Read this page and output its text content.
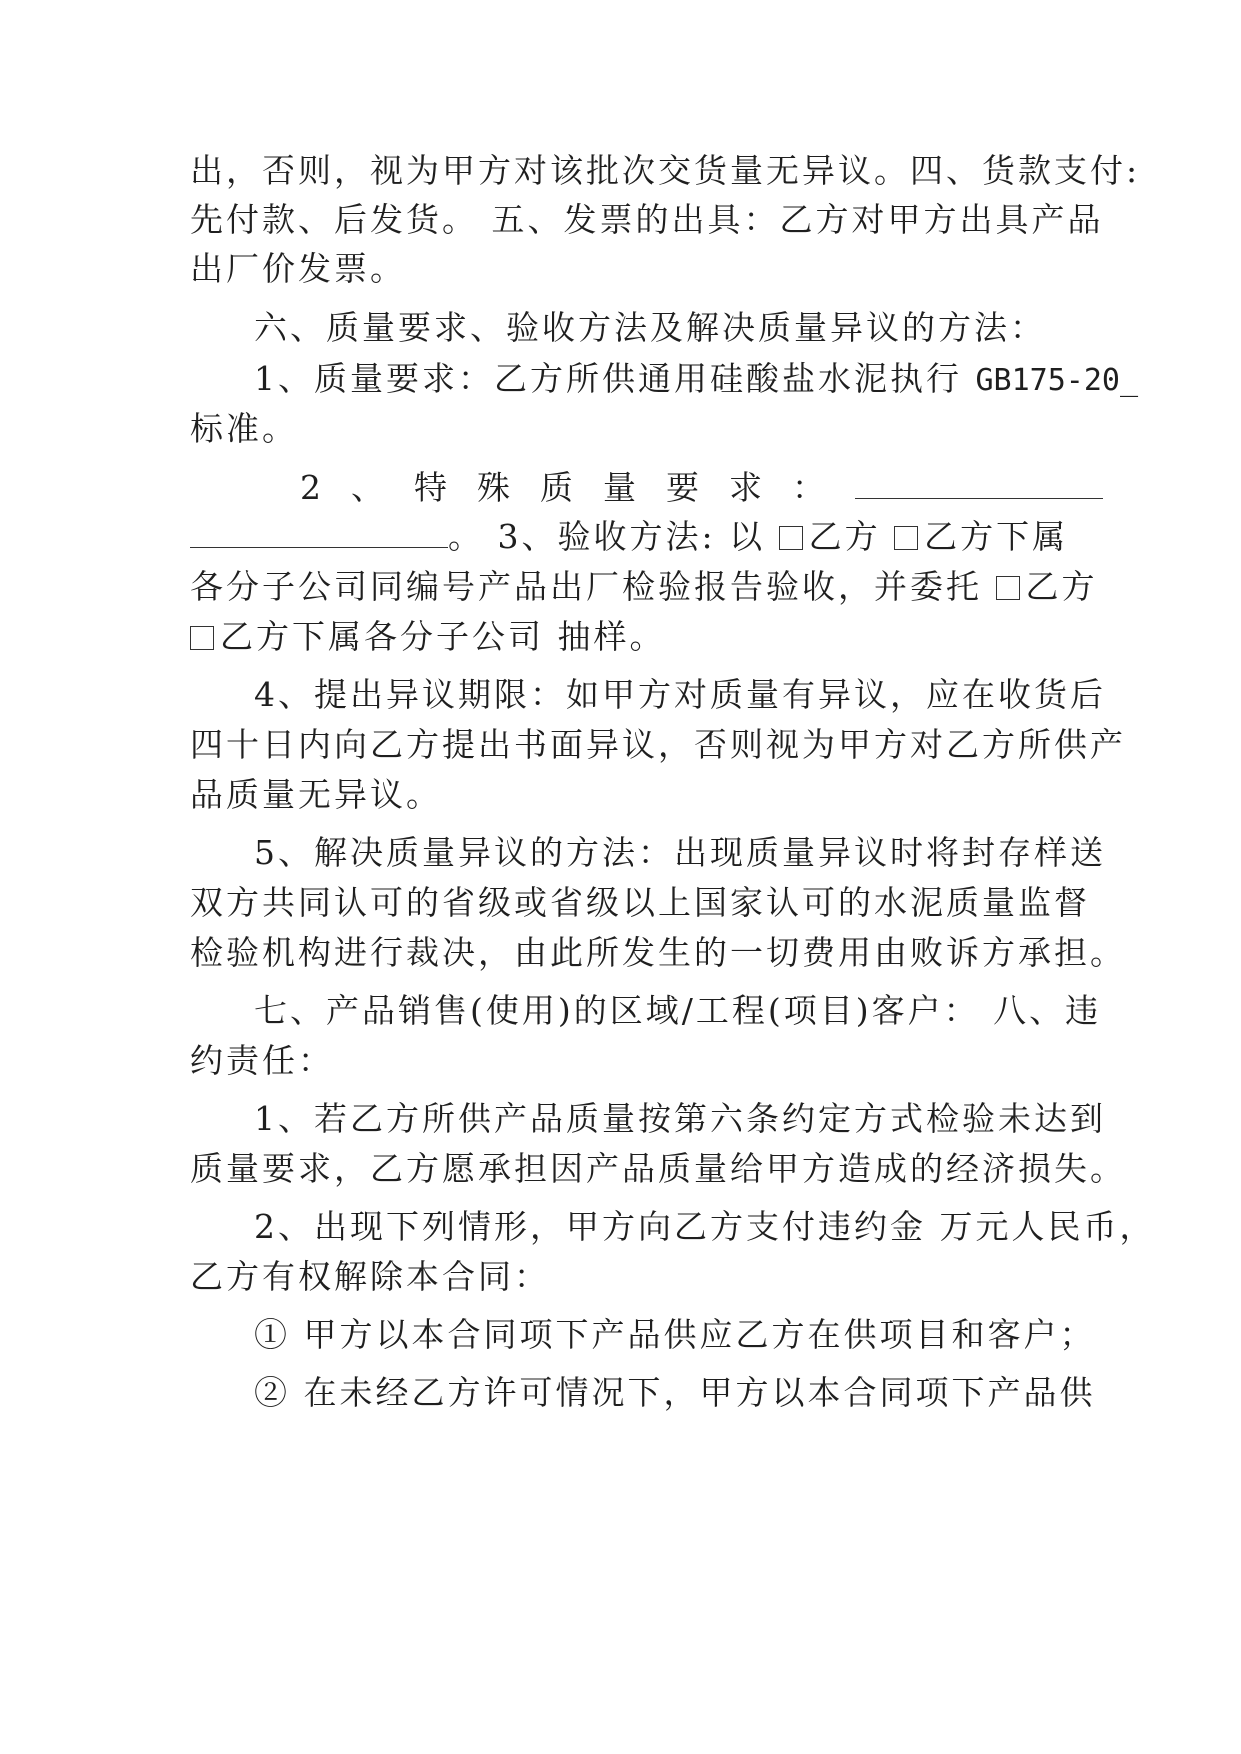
出，否则，视为甲方对该批次交货量无异议。四、货款支付:
先付款、后发货。 五、发票的出具：乙方对甲方出具产品
出厂价发票。
六、质量要求、验收方法及解决质量异议的方法：
1、质量要求：乙方所供通用硅酸盐水泥执行 GB175-20_
标准。
2 、 特 殊 质 量 要 求 ：
。 3、验收方法: 以 乙方 乙方下属
各分子公司同编号产品出厂检验报告验收，并委托 乙方
乙方下属各分子公司 抽样。
4、提出异议期限：如甲方对质量有异议，应在收货后
四十日内向乙方提出书面异议，否则视为甲方对乙方所供产
品质量无异议。
5、解决质量异议的方法：出现质量异议时将封存样送
双方共同认可的省级或省级以上国家认可的水泥质量监督
检验机构进行裁决，由此所发生的一切费用由败诉方承担。
七、产品销售(使用)的区域/工程(项目)客户： 八、违
约责任：
1、若乙方所供产品质量按第六条约定方式检验未达到
质量要求，乙方愿承担因产品质量给甲方造成的经济损失。
2、出现下列情形，甲方向乙方支付违约金 万元人民币，
乙方有权解除本合同：
① 甲方以本合同项下产品供应乙方在供项目和客户；
② 在未经乙方许可情况下，甲方以本合同项下产品供
